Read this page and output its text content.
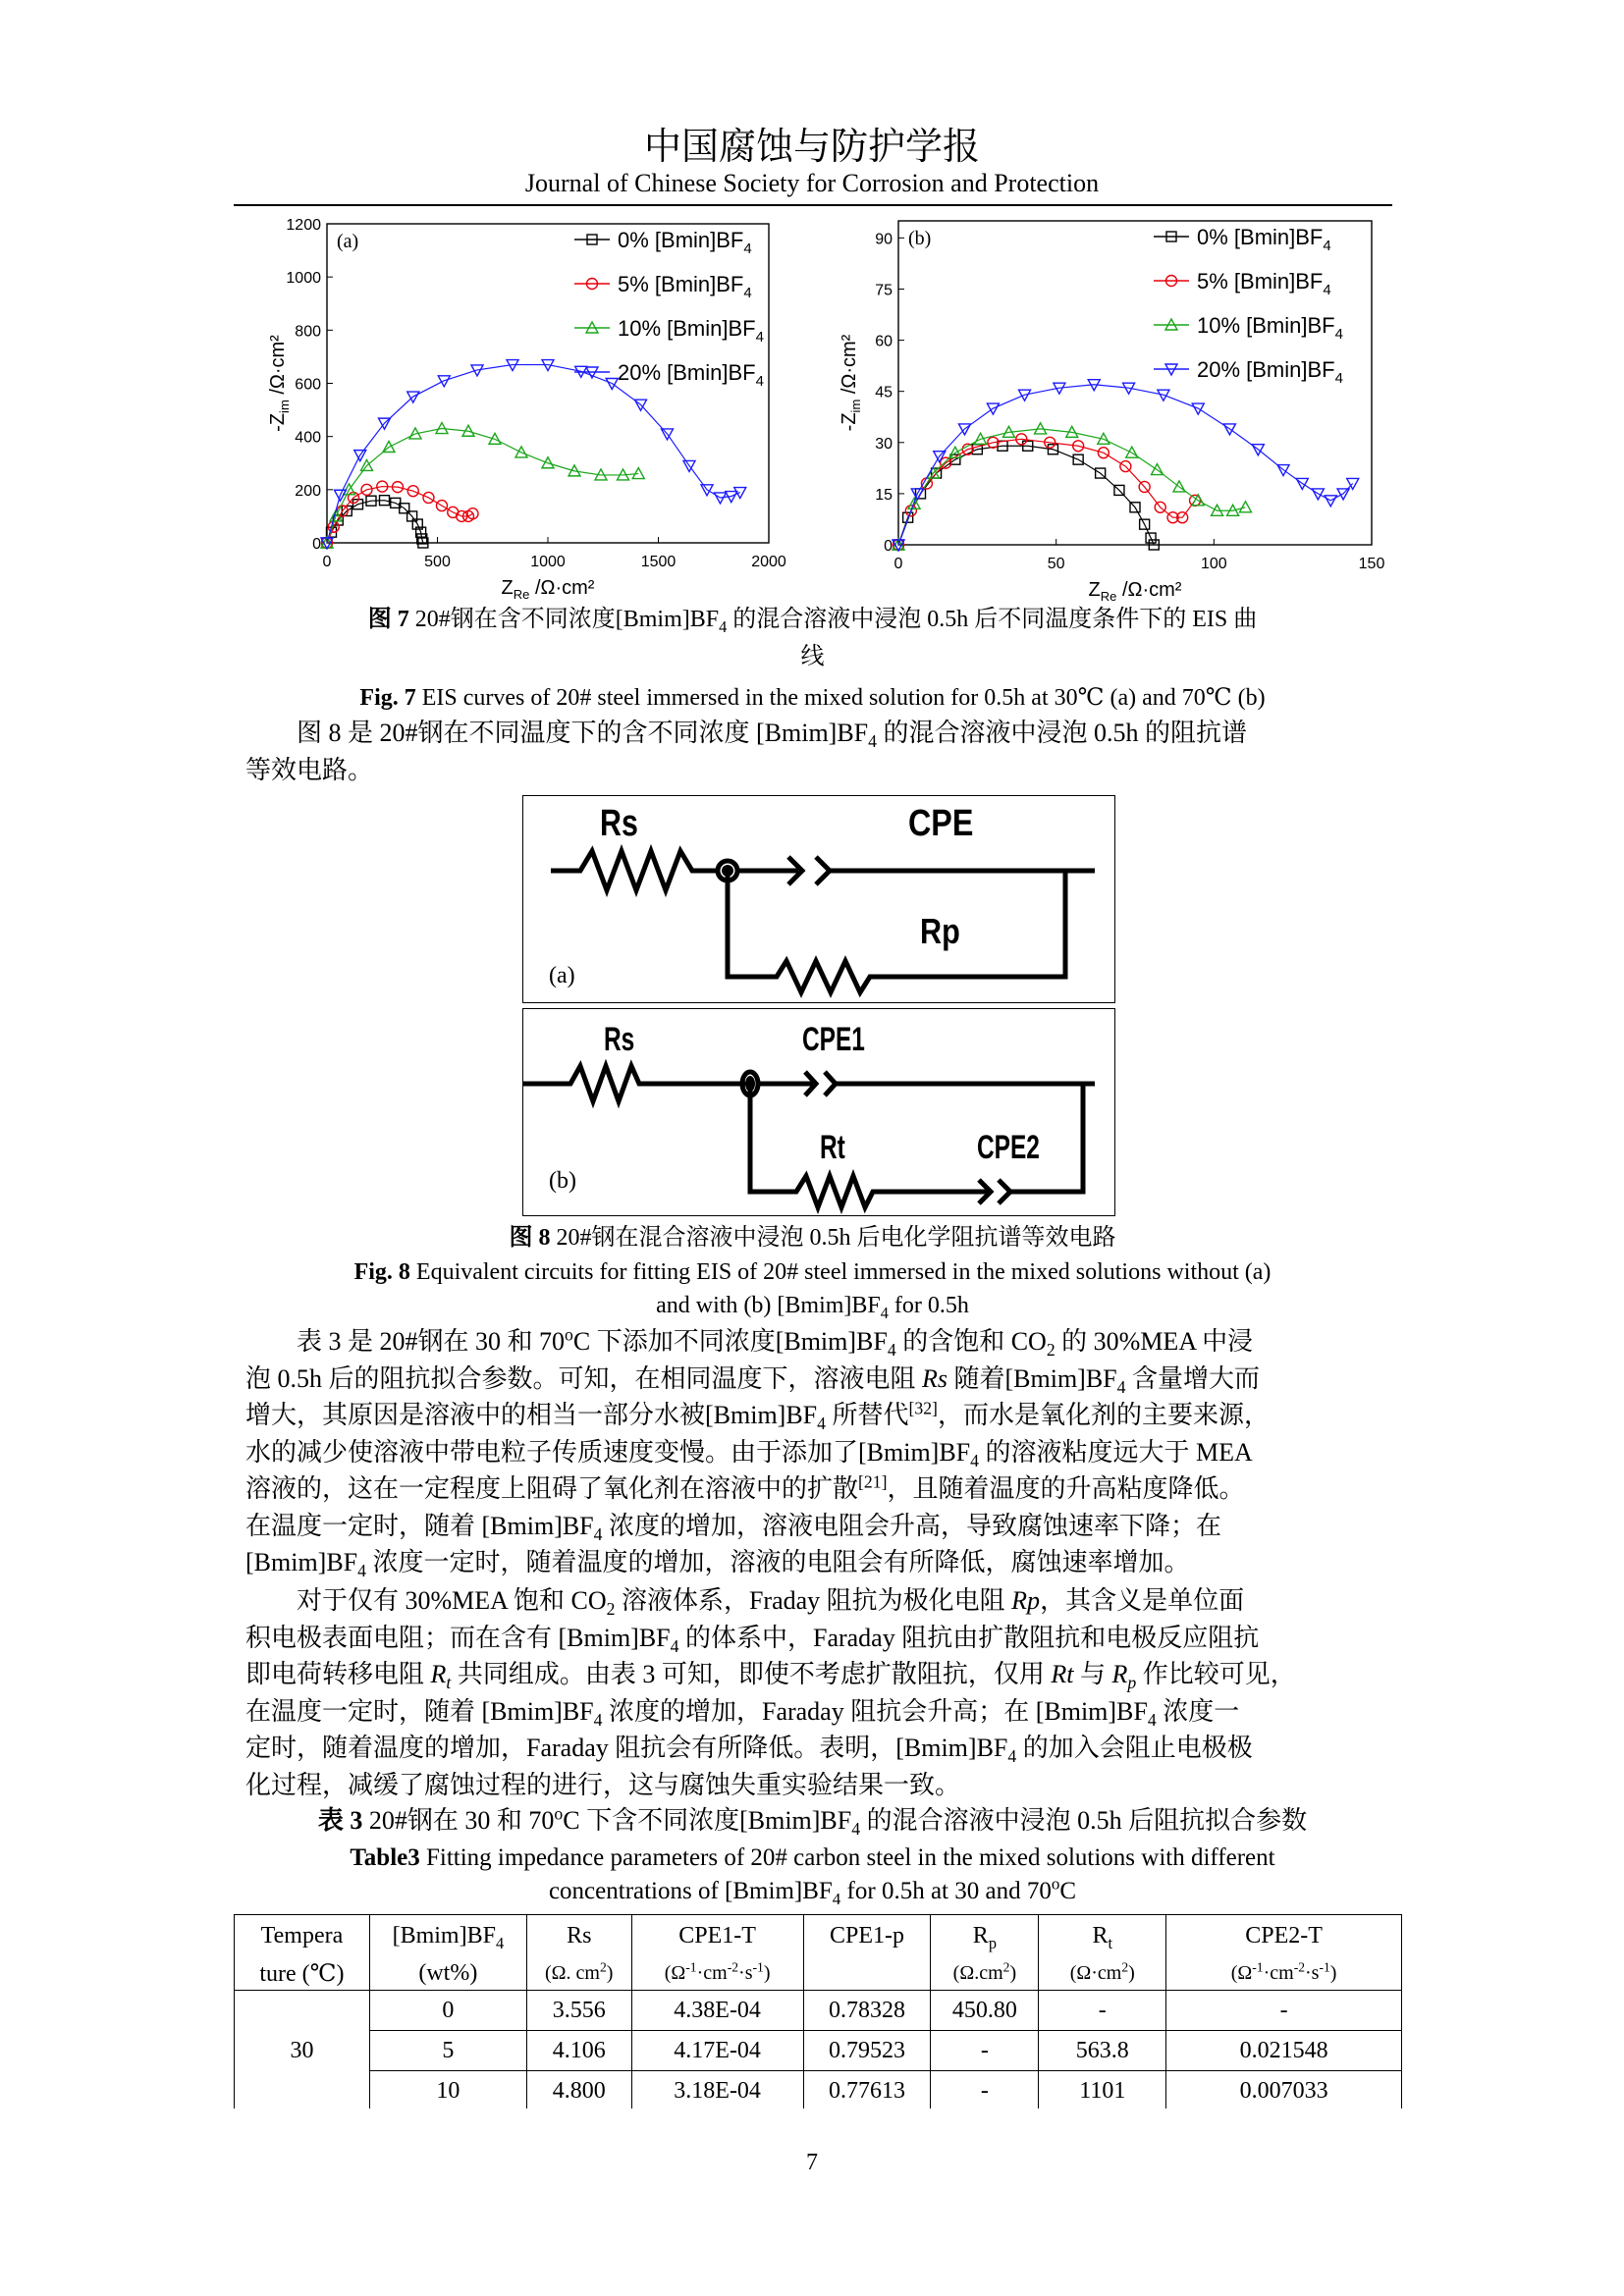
中国腐蚀与防护学报
Journal of Chinese Society for Corrosion and Protection
0	500	1000	1500	2000
0
200
400
600
800
1000
1200
$Z_{Re}$ /Ω·cm²
$-Z_{im}$ /Ω·cm²
(a)	0% $[Bmin]BF_4$
5% $[Bmin]BF_4$
10% $[Bmin]BF_4$
20% $[Bmin]BF_4$
0	50	100	150
0
15
30
45
60
75
90
$Z_{Re}$ /Ω·cm²
$-Z_{im}$ /Ω·cm²
(b)	0% $[Bmin]BF_4$
5% $[Bmin]BF_4$
10% $[Bmin]BF_4$
20% $[Bmin]BF_4$
图 7 20#钢在含不同浓度$[Bmim]BF_4$ 的混合溶液中浸泡 0.5h 后不同温度条件下的 EIS 曲
线
Fig. 7 EIS curves of 20# steel immersed in the mixed solution for 0.5h at 30℃ (a) and 70℃ (b)

图 8 是 20#钢在不同温度下的含不同浓度 $[Bmim]BF_4$ 的混合溶液中浸泡 0.5h 的阻抗谱

等效电路。
Rs	CPE
Rp
(a)
Rs	CPE1
Rt	CPE2
(b)
图 8 20#钢在混合溶液中浸泡 0.5h 后电化学阻抗谱等效电路
Fig. 8 Equivalent circuits for fitting EIS of 20# steel immersed in the mixed solutions without (a)
and with (b) $[Bmim]BF_4$ for 0.5h

表 3 是 20#钢在 30 和 70$^o$C 下添加不同浓度$[Bmim]BF_4$ 的含饱和 $CO_2$ 的 30%MEA 中浸

泡 0.5h 后的阻抗拟合参数。可知，在相同温度下，溶液电阻 Rs 随着$[Bmim]BF_4$ 含量增大而
增大，其原因是溶液中的相当一部分水被$[Bmim]BF_4$ 所替代[32]，而水是氧化剂的主要来源，
水的减少使溶液中带电粒子传质速度变慢。由于添加了$[Bmim]BF_4$ 的溶液粘度远大于 MEA
溶液的，这在一定程度上阻碍了氧化剂在溶液中的扩散[21]，且随着温度的升高粘度降低。
在温度一定时，随着 $[Bmim]BF_4$ 浓度的增加，溶液电阻会升高，导致腐蚀速率下降；在
$[Bmim]BF_4$ 浓度一定时，随着温度的增加，溶液的电阻会有所降低，腐蚀速率增加。

对于仅有 30%MEA 饱和 $CO_2$ 溶液体系，Fraday 阻抗为极化电阻 Rp，其含义是单位面

积电极表面电阻；而在含有 $[Bmim]BF_4$ 的体系中，Faraday 阻抗由扩散阻抗和电极反应阻抗
即电荷转移电阻 $R_t$ 共同组成。由表 3 可知，即使不考虑扩散阻抗，仅用 Rt 与 $R_p$ 作比较可见，
在温度一定时，随着 $[Bmim]BF_4$ 浓度的增加，Faraday 阻抗会升高；在 $[Bmim]BF_4$ 浓度一
定时，随着温度的增加，Faraday 阻抗会有所降低。表明，$[Bmim]BF_4$ 的加入会阻止电极极
化过程，减缓了腐蚀过程的进行，这与腐蚀失重实验结果一致。
表 3 20#钢在 30 和 70$^o$C 下含不同浓度$[Bmim]BF_4$ 的混合溶液中浸泡 0.5h 后阻抗拟合参数
Table3 Fitting impedance parameters of 20# carbon steel in the mixed solutions with different
concentrations of $[Bmim]BF_4$ for 0.5h at 30 and 70$^o$C
Tempera	$[Bmim]BF_4$	Rs	CPE1-T	CPE1-p	$R_p$	$R_t$	CPE2-T
ture (℃)	(wt%)	(Ω. $cm^2$)	$(\Omega^{-1}\cdot cm^{-2}\cdot s^{-1})$		$(\Omega.cm^2)$	$(\Omega\cdot cm^2)$	$(\Omega^{-1}\cdot cm^{-2}\cdot s^{-1})$
30	0	3.556	4.38E-04	0.78328	450.80	-	-
	5	4.106	4.17E-04	0.79523	-	563.8	0.021548
	10	4.800	3.18E-04	0.77613	-	1101	0.007033
7
